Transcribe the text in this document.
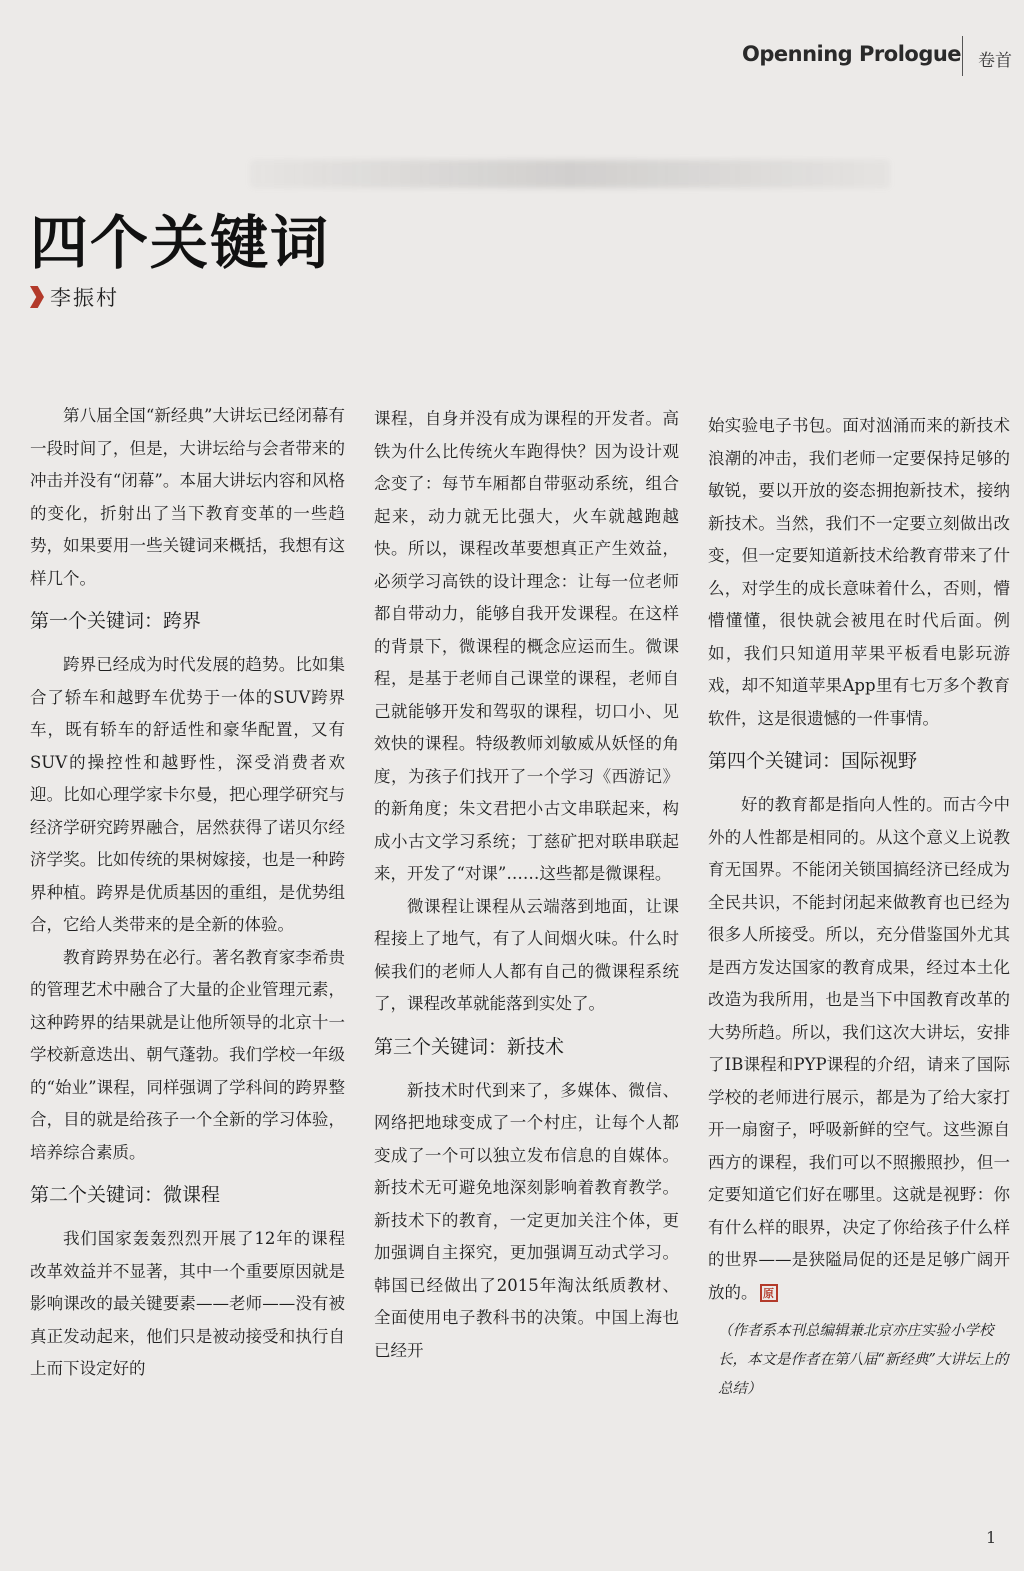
Openning Prologue 卷首
四个关键词
李振村

第八届全国“新经典”大讲坛已经闭幕有一段时间了，但是，大讲坛给与会者带来的冲击并没有“闭幕”。本届大讲坛内容和风格的变化，折射出了当下教育变革的一些趋势，如果要用一些关键词来概括，我想有这样几个。

第一个关键词：跨界

跨界已经成为时代发展的趋势。比如集合了轿车和越野车优势于一体的SUV跨界车，既有轿车的舒适性和豪华配置，又有SUV的操控性和越野性，深受消费者欢迎。比如心理学家卡尔曼，把心理学研究与经济学研究跨界融合，居然获得了诺贝尔经济学奖。比如传统的果树嫁接，也是一种跨界种植。跨界是优质基因的重组，是优势组合，它给人类带来的是全新的体验。

教育跨界势在必行。著名教育家李希贵的管理艺术中融合了大量的企业管理元素，这种跨界的结果就是让他所领导的北京十一学校新意迭出、朝气蓬勃。我们学校一年级的“始业”课程，同样强调了学科间的跨界整合，目的就是给孩子一个全新的学习体验，培养综合素质。

第二个关键词：微课程

我们国家轰轰烈烈开展了12年的课程改革效益并不显著，其中一个重要原因就是影响课改的最关键要素——老师——没有被真正发动起来，他们只是被动接受和执行自上而下设定好的

课程，自身并没有成为课程的开发者。高铁为什么比传统火车跑得快？因为设计观念变了：每节车厢都自带驱动系统，组合起来，动力就无比强大，火车就越跑越快。所以，课程改革要想真正产生效益，必须学习高铁的设计理念：让每一位老师都自带动力，能够自我开发课程。在这样的背景下，微课程的概念应运而生。微课程，是基于老师自己课堂的课程，老师自己就能够开发和驾驭的课程，切口小、见效快的课程。特级教师刘敏威从妖怪的角度，为孩子们找开了一个学习《西游记》的新角度；朱文君把小古文串联起来，构成小古文学习系统；丁慈矿把对联串联起来，开发了“对课”……这些都是微课程。

微课程让课程从云端落到地面，让课程接上了地气，有了人间烟火味。什么时候我们的老师人人都有自己的微课程系统了，课程改革就能落到实处了。

第三个关键词：新技术

新技术时代到来了，多媒体、微信、网络把地球变成了一个村庄，让每个人都变成了一个可以独立发布信息的自媒体。新技术无可避免地深刻影响着教育教学。新技术下的教育，一定更加关注个体，更加强调自主探究，更加强调互动式学习。韩国已经做出了2015年淘汰纸质教材、全面使用电子教科书的决策。中国上海也已经开

始实验电子书包。面对汹涌而来的新技术浪潮的冲击，我们老师一定要保持足够的敏锐，要以开放的姿态拥抱新技术，接纳新技术。当然，我们不一定要立刻做出改变，但一定要知道新技术给教育带来了什么，对学生的成长意味着什么，否则，懵懵懂懂，很快就会被甩在时代后面。例如，我们只知道用苹果平板看电影玩游戏，却不知道苹果App里有七万多个教育软件，这是很遗憾的一件事情。

第四个关键词：国际视野

好的教育都是指向人性的。而古今中外的人性都是相同的。从这个意义上说教育无国界。不能闭关锁国搞经济已经成为全民共识，不能封闭起来做教育也已经为很多人所接受。所以，充分借鉴国外尤其是西方发达国家的教育成果，经过本土化改造为我所用，也是当下中国教育改革的大势所趋。所以，我们这次大讲坛，安排了IB课程和PYP课程的介绍，请来了国际学校的老师进行展示，都是为了给大家打开一扇窗子，呼吸新鲜的空气。这些源自西方的课程，我们可以不照搬照抄，但一定要知道它们好在哪里。这就是视野：你有什么样的眼界，决定了你给孩子什么样的世界——是狭隘局促的还是足够广阔开放的。 原

（作者系本刊总编辑兼北京亦庄实验小学校长，本文是作者在第八届“新经典”大讲坛上的总结）
1
